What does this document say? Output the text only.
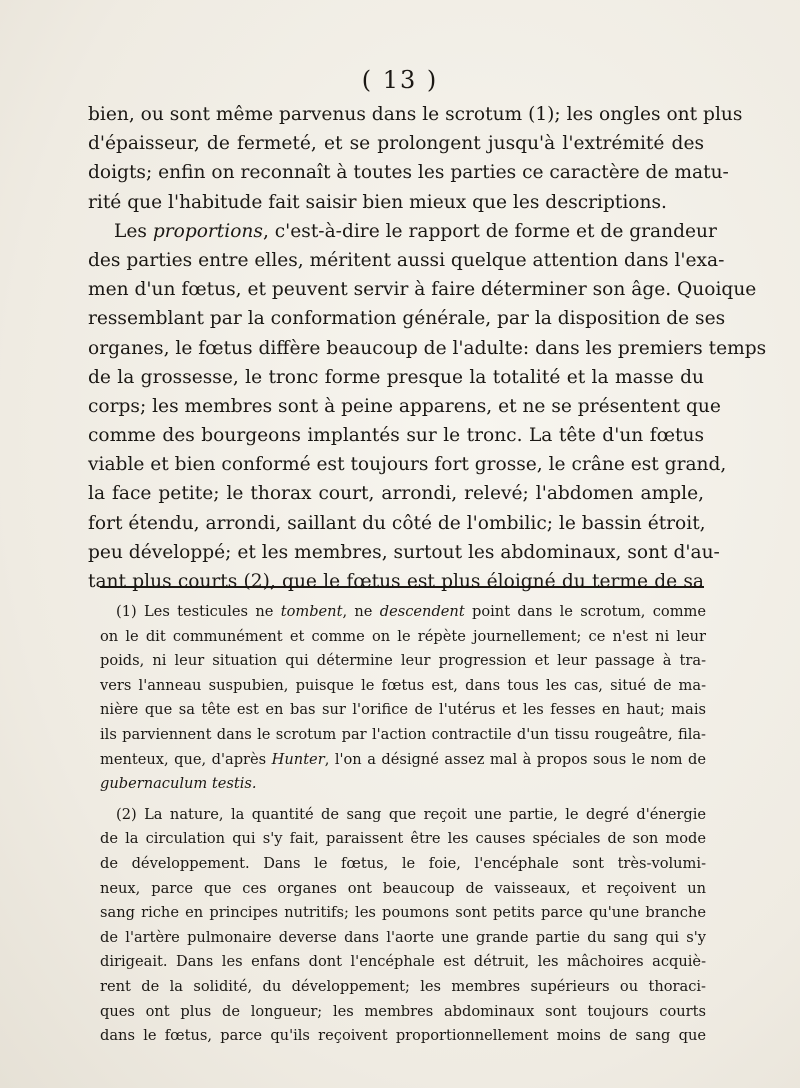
( 13 )
bien, ou sont même parvenus dans le scrotum (1); les ongles ont plus
d'épaisseur, de fermeté, et se prolongent jusqu'à l'extrémité des
doigts; enfin on reconnaît à toutes les parties ce caractère de matu-
rité que l'habitude fait saisir bien mieux que les descriptions.
Les proportions, c'est-à-dire le rapport de forme et de grandeur
des parties entre elles, méritent aussi quelque attention dans l'exa-
men d'un fœtus, et peuvent servir à faire déterminer son âge. Quoique
ressemblant par la conformation générale, par la disposition de ses
organes, le fœtus diffère beaucoup de l'adulte: dans les premiers temps
de la grossesse, le tronc forme presque la totalité et la masse du
corps; les membres sont à peine apparens, et ne se présentent que
comme des bourgeons implantés sur le tronc. La tête d'un fœtus
viable et bien conformé est toujours fort grosse, le crâne est grand,
la face petite; le thorax court, arrondi, relevé; l'abdomen ample,
fort étendu, arrondi, saillant du côté de l'ombilic; le bassin étroit,
peu développé; et les membres, surtout les abdominaux, sont d'au-
tant plus courts (2), que le fœtus est plus éloigné du terme de sa
(1) Les testicules ne tombent, ne descendent point dans le scrotum, comme
on le dit communément et comme on le répète journellement; ce n'est ni leur
poids, ni leur situation qui détermine leur progression et leur passage à tra-
vers l'anneau suspubien, puisque le fœtus est, dans tous les cas, situé de ma-
nière que sa tête est en bas sur l'orifice de l'utérus et les fesses en haut; mais
ils parviennent dans le scrotum par l'action contractile d'un tissu rougeâtre, fila-
menteux, que, d'après Hunter, l'on a désigné assez mal à propos sous le nom de
gubernaculum testis.
(2) La nature, la quantité de sang que reçoit une partie, le degré d'énergie
de la circulation qui s'y fait, paraissent être les causes spéciales de son mode
de développement. Dans le fœtus, le foie, l'encéphale sont très-volumi-
neux, parce que ces organes ont beaucoup de vaisseaux, et reçoivent un
sang riche en principes nutritifs; les poumons sont petits parce qu'une branche
de l'artère pulmonaire deverse dans l'aorte une grande partie du sang qui s'y
dirigeait. Dans les enfans dont l'encéphale est détruit, les mâchoires acquiè-
rent de la solidité, du développement; les membres supérieurs ou thoraci-
ques ont plus de longueur; les membres abdominaux sont toujours courts
dans le fœtus, parce qu'ils reçoivent proportionnellement moins de sang que
